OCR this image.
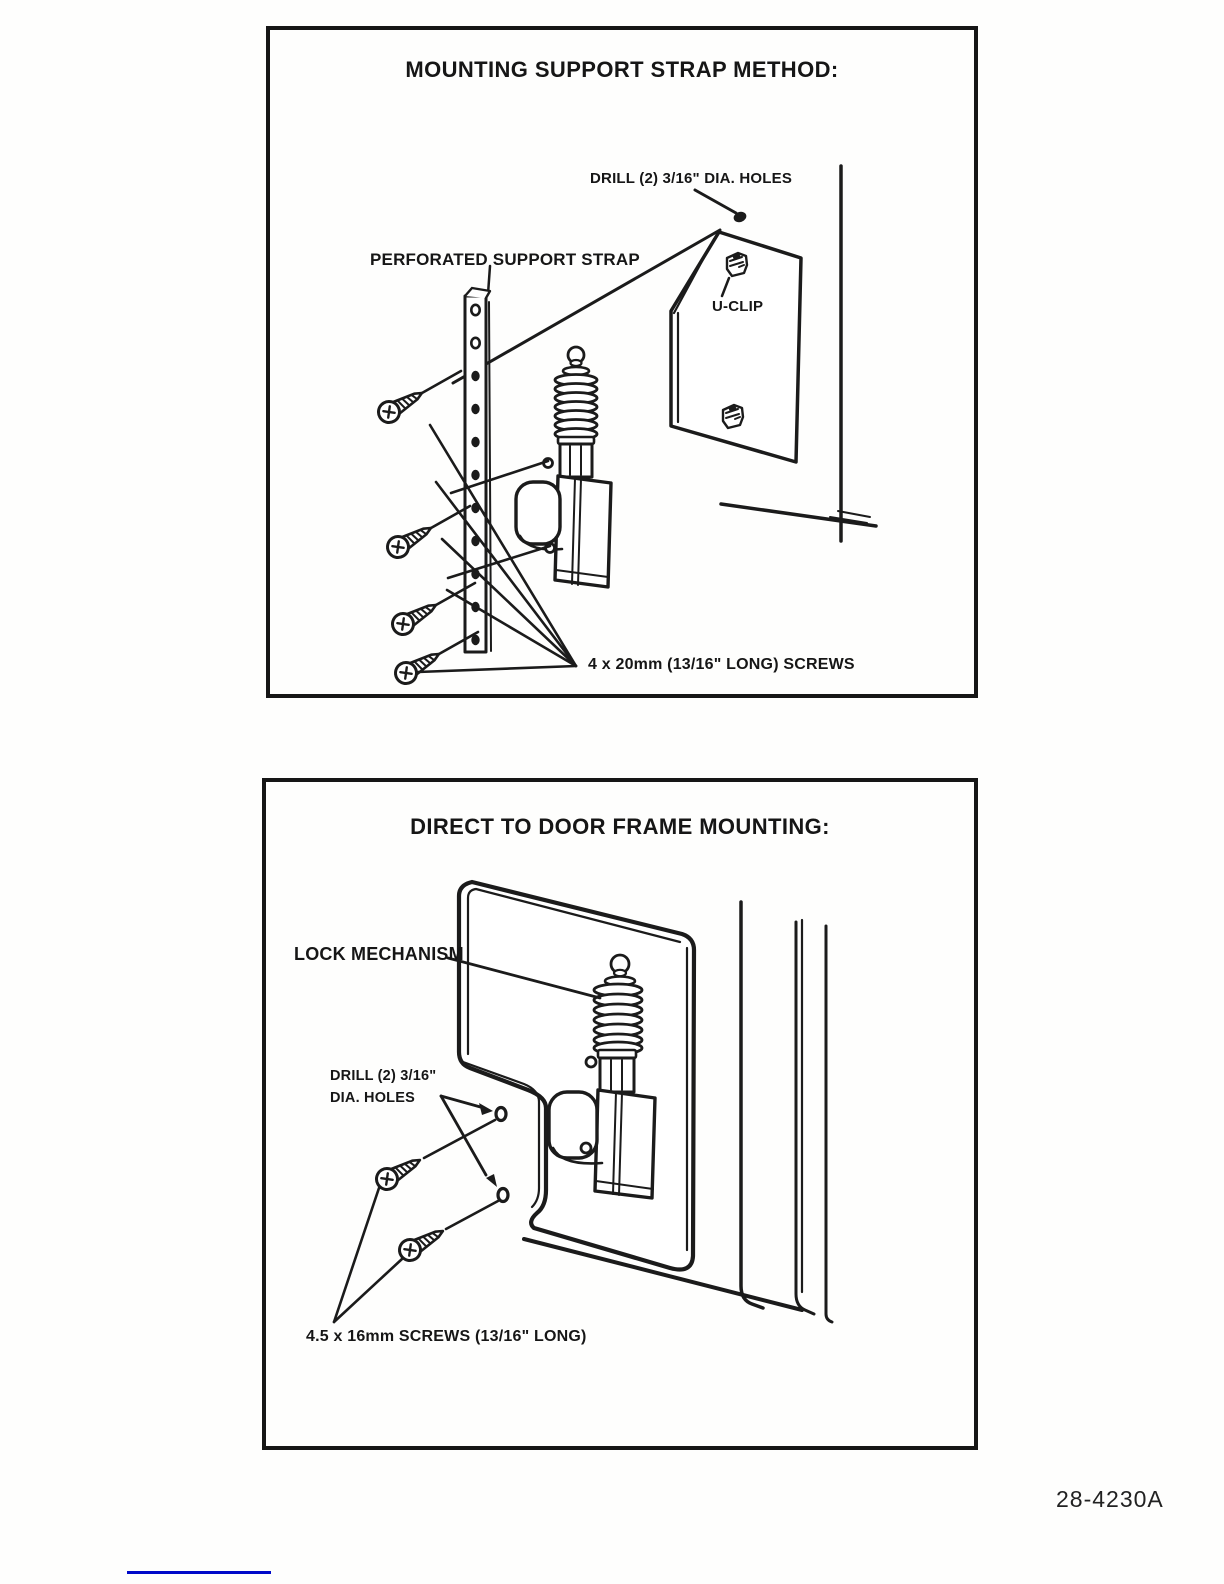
MOUNTING SUPPORT STRAP METHOD:
DRILL (2) 3/16" DIA. HOLES
PERFORATED SUPPORT STRAP
U-CLIP
4 x 20mm (13/16" LONG) SCREWS
DIRECT TO DOOR FRAME MOUNTING:
LOCK MECHANISM
DRILL (2) 3/16"
DIA. HOLES
4.5 x 16mm SCREWS (13/16" LONG)
28-4230A
